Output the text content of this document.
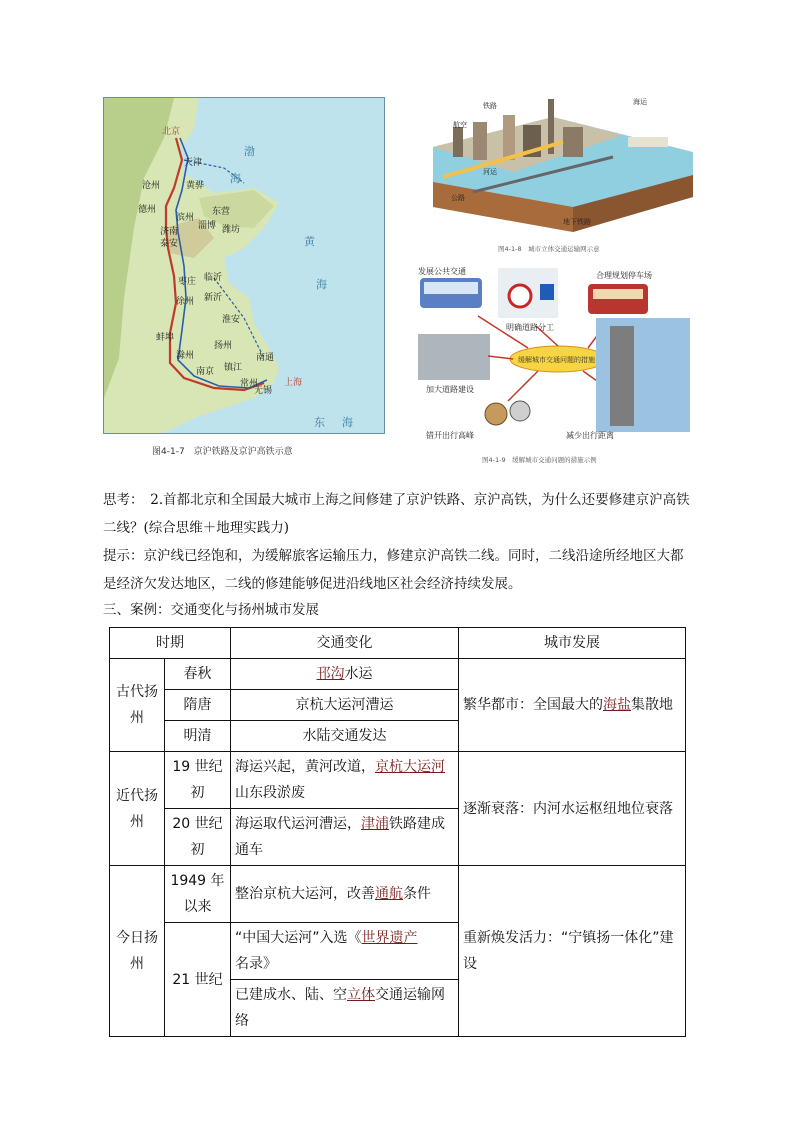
北京
天津
沧州	黄骅
德州
滨州
东营
济南
淄博 潍坊
泰安
枣庄 临沂
新沂
徐州
淮安
蚌埠
扬州
滁州	南通
南京 镇江
上海
无锡
常州
渤
海
黄
海
东 海
图4-1-7　京沪铁路及京沪高铁示意
铁路
航空
海运
公路
河运
地下铁路
图4-1-8　城市立体交通运输网示意
缓解城市交通问题的措施
发展公共交通
明确道路分工
合理规划停车场
加大道路建设
错开出行高峰	减少出行距离
图4-1-9　缓解城市交通问题的措施示例
思考：　 2.首都北京和全国最大城市上海之间修建了京沪铁路、京沪高铁，为什么还要修建京沪高铁二线？(综合思维＋地理实践力)
提示：京沪线已经饱和，为缓解旅客运输压力，修建京沪高铁二线。同时，二线沿途所经地区大都是经济欠发达地区，二线的修建能够促进沿线地区社会经济持续发展。
三、案例：交通变化与扬州城市发展
时期		交通变化	城市发展
古代扬州	春秋	邗沟水运	繁华都市：全国最大的海盐集散地
	隋唐	京杭大运河漕运	
	明清	水陆交通发达	
近代扬州	19 世纪初	海运兴起，黄河改道，京杭大运河山东段淤废	逐渐衰落：内河水运枢纽地位衰落
	20 世纪初	海运取代运河漕运，津浦铁路建成通车	
今日扬州	1949 年以来	整治京杭大运河，改善通航条件	重新焕发活力：“宁镇扬一体化”建设
	21 世纪	“中国大运河”入选《世界遗产名录》	
		已建成水、陆、空立体交通运输网络	
